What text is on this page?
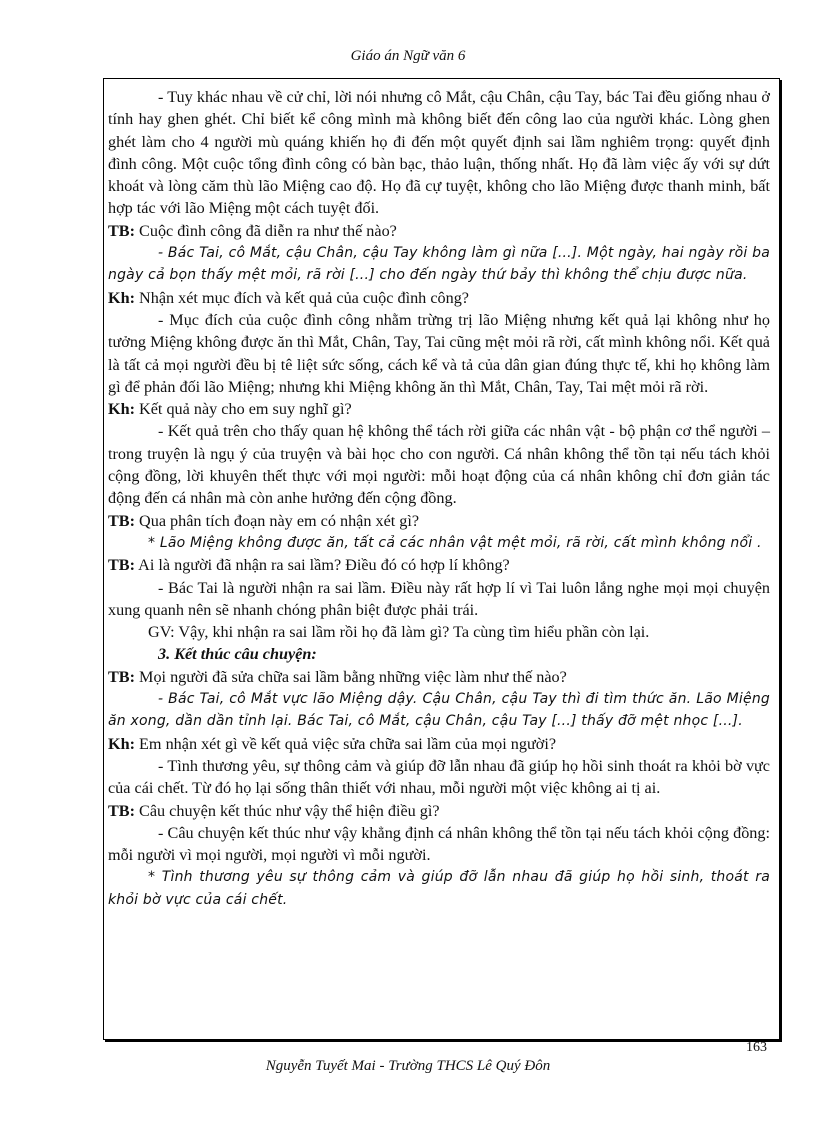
Giáo án Ngữ văn 6

- Tuy khác nhau về cử chỉ, lời nói nhưng cô Mắt, cậu Chân, cậu Tay, bác Tai đều giống nhau ở tính hay ghen ghét. Chỉ biết kể công mình mà không biết đến công lao của người khác. Lòng ghen ghét làm cho 4 người mù quáng khiến họ đi đến một quyết định sai lầm nghiêm trọng: quyết định đình công. Một cuộc tổng đình công có bàn bạc, thảo luận, thống nhất. Họ đã làm việc ấy với sự dứt khoát và lòng căm thù lão Miệng cao độ. Họ đã cự tuyệt, không cho lão Miệng được thanh minh, bất hợp tác với lão Miệng một cách tuyệt đối.

TB: Cuộc đình công đã diễn ra như thế nào?

- Bác Tai, cô Mắt, cậu Chân, cậu Tay không làm gì nữa [...]. Một ngày, hai ngày rồi ba ngày cả bọn thấy mệt mỏi, rã rời [...] cho đến ngày thứ bảy thì không thể chịu được nữa.

Kh: Nhận xét mục đích và kết quả của cuộc đình công?

- Mục đích của cuộc đình công nhằm trừng trị lão Miệng nhưng kết quả lại không như họ tưởng Miệng không được ăn thì Mắt, Chân, Tay, Tai cũng mệt mỏi rã rời, cất mình không nổi. Kết quả là tất cả mọi người đều bị tê liệt sức sống, cách kể và tả của dân gian đúng thực tế, khi họ không làm gì để phản đối lão Miệng; nhưng khi Miệng không ăn thì Mắt, Chân, Tay, Tai mệt mỏi rã rời.

Kh: Kết quả này cho em suy nghĩ gì?

- Kết quả trên cho thấy quan hệ không thể tách rời giữa các nhân vật - bộ phận cơ thể người – trong truyện là ngụ ý của truyện và bài học cho con người. Cá nhân không thể tồn tại nếu tách khỏi cộng đồng, lời khuyên thết thực với mọi người: mỗi hoạt động của cá nhân không chỉ đơn giản tác động đến cá nhân mà còn anhe hưởng đến cộng đồng.

TB: Qua phân tích đoạn này em có nhận xét gì?

* Lão Miệng không được ăn, tất cả các nhân vật mệt mỏi, rã rời, cất mình không nổi .

TB: Ai là người đã nhận ra sai lầm? Điều đó có hợp lí không?

- Bác Tai là người nhận ra sai lầm. Điều này rất hợp lí vì Tai luôn lắng nghe mọi mọi chuyện xung quanh nên sẽ nhanh chóng phân biệt được phải trái.

GV: Vậy, khi nhận ra sai lầm rồi họ đã làm gì? Ta cùng tìm hiểu phần còn lại.

3. Kết thúc câu chuyện:

TB: Mọi người đã sửa chữa sai lầm bằng những việc làm như thế nào?

- Bác Tai, cô Mắt vực lão Miệng dậy. Cậu Chân, cậu Tay thì đi tìm thức ăn. Lão Miệng ăn xong, dần dần tỉnh lại. Bác Tai, cô Mắt, cậu Chân, cậu Tay [...] thấy đỡ mệt nhọc [...].

Kh: Em nhận xét gì về kết quả việc sửa chữa sai lầm của mọi người?

- Tình thương yêu, sự thông cảm và giúp đỡ lẫn nhau đã giúp họ hồi sinh thoát ra khỏi bờ vực của cái chết. Từ đó họ lại sống thân thiết với nhau, mỗi người một việc không ai tị ai.

TB: Câu chuyện kết thúc như vậy thể hiện điều gì?

- Câu chuyện kết thúc như vậy khẳng định cá nhân không thể tồn tại nếu tách khỏi cộng đồng: mỗi người vì mọi người, mọi người vì mỗi người.

* Tình thương yêu sự thông cảm và giúp đỡ lẫn nhau đã giúp họ hồi sinh, thoát ra khỏi bờ vực của cái chết.

163
Nguyễn Tuyết Mai - Trường THCS Lê Quý Đôn
